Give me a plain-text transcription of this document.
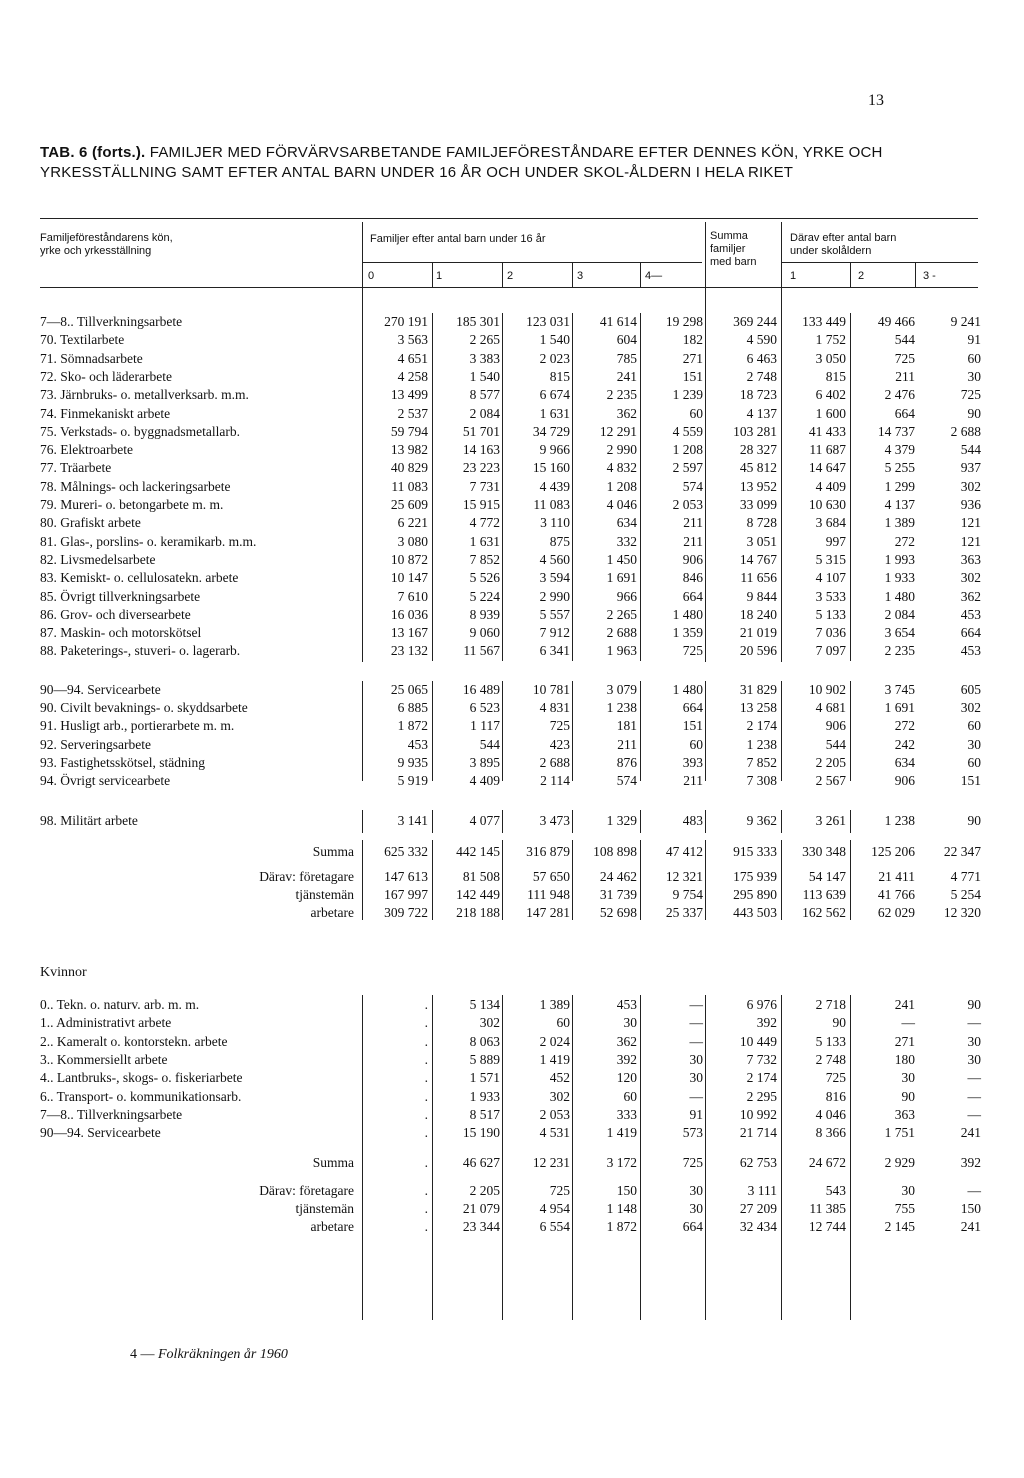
13
TAB. 6 (forts.). FAMILJER MED FÖRVÄRVSARBETANDE FAMILJEFÖRESTÅNDARE EFTER DENNES KÖN, YRKE OCH YRKESSTÄLLNING SAMT EFTER ANTAL BARN UNDER 16 ÅR OCH UNDER SKOL-ÅLDERN I HELA RIKET
Familjeföreståndarens kön,
yrke och yrkesställning
Familjer efter antal barn under 16 år	Summa
familjer
med barn
Därav efter antal barn
under skolåldern
0	1	2	3	4—	1	2	3 -
7—8.. Tillverkningsarbete	270 191	185 301	123 031	41 614	19 298	369 244	133 449	49 466	9 241
70. Textilarbete	3 563	2 265	1 540	604	182	4 590	1 752	544	91
71. Sömnadsarbete	4 651	3 383	2 023	785	271	6 463	3 050	725	60
72. Sko- och läderarbete	4 258	1 540	815	241	151	2 748	815	211	30
73. Järnbruks- o. metallverksarb. m.m.	13 499	8 577	6 674	2 235	1 239	18 723	6 402	2 476	725
74. Finmekaniskt arbete	2 537	2 084	1 631	362	60	4 137	1 600	664	90
75. Verkstads- o. byggnadsmetallarb.	59 794	51 701	34 729	12 291	4 559	103 281	41 433	14 737	2 688
76. Elektroarbete	13 982	14 163	9 966	2 990	1 208	28 327	11 687	4 379	544
77. Träarbete	40 829	23 223	15 160	4 832	2 597	45 812	14 647	5 255	937
78. Målnings- och lackeringsarbete	11 083	7 731	4 439	1 208	574	13 952	4 409	1 299	302
79. Mureri- o. betongarbete m. m.	25 609	15 915	11 083	4 046	2 053	33 099	10 630	4 137	936
80. Grafiskt arbete	6 221	4 772	3 110	634	211	8 728	3 684	1 389	121
81. Glas-, porslins- o. keramikarb. m.m.	3 080	1 631	875	332	211	3 051	997	272	121
82. Livsmedelsarbete	10 872	7 852	4 560	1 450	906	14 767	5 315	1 993	363
83. Kemiskt- o. cellulosatekn. arbete	10 147	5 526	3 594	1 691	846	11 656	4 107	1 933	302
85. Övrigt tillverkningsarbete	7 610	5 224	2 990	966	664	9 844	3 533	1 480	362
86. Grov- och diversearbete	16 036	8 939	5 557	2 265	1 480	18 240	5 133	2 084	453
87. Maskin- och motorskötsel	13 167	9 060	7 912	2 688	1 359	21 019	7 036	3 654	664
88. Paketerings-, stuveri- o. lagerarb.	23 132	11 567	6 341	1 963	725	20 596	7 097	2 235	453
90—94. Servicearbete	25 065	16 489	10 781	3 079	1 480	31 829	10 902	3 745	605
90. Civilt bevaknings- o. skyddsarbete	6 885	6 523	4 831	1 238	664	13 258	4 681	1 691	302
91. Husligt arb., portierarbete m. m.	1 872	1 117	725	181	151	2 174	906	272	60
92. Serveringsarbete	453	544	423	211	60	1 238	544	242	30
93. Fastighetsskötsel, städning	9 935	3 895	2 688	876	393	7 852	2 205	634	60
94. Övrigt servicearbete	5 919	4 409	2 114	574	211	7 308	2 567	906	151
98. Militärt arbete	3 141	4 077	3 473	1 329	483	9 362	3 261	1 238	90
Summa	625 332	442 145	316 879	108 898	47 412	915 333	330 348	125 206	22 347
Därav: företagare	147 613	81 508	57 650	24 462	12 321	175 939	54 147	21 411	4 771
tjänstemän	167 997	142 449	111 948	31 739	9 754	295 890	113 639	41 766	5 254
arbetare	309 722	218 188	147 281	52 698	25 337	443 503	162 562	62 029	12 320
0.. Tekn. o. naturv. arb. m. m.	.	5 134	1 389	453	—	6 976	2 718	241	90
1.. Administrativt arbete	.	302	60	30	—	392	90	—	—
2.. Kameralt o. kontorstekn. arbete	.	8 063	2 024	362	—	10 449	5 133	271	30
3.. Kommersiellt arbete	.	5 889	1 419	392	30	7 732	2 748	180	30
4.. Lantbruks-, skogs- o. fiskeriarbete	.	1 571	452	120	30	2 174	725	30	—
6.. Transport- o. kommunikationsarb.	.	1 933	302	60	—	2 295	816	90	—
7—8.. Tillverkningsarbete	.	8 517	2 053	333	91	10 992	4 046	363	—
90—94. Servicearbete	.	15 190	4 531	1 419	573	21 714	8 366	1 751	241
Summa	.	46 627	12 231	3 172	725	62 753	24 672	2 929	392
Därav: företagare	.	2 205	725	150	30	3 111	543	30	—
tjänstemän	.	21 079	4 954	1 148	30	27 209	11 385	755	150
arbetare	.	23 344	6 554	1 872	664	32 434	12 744	2 145	241
Kvinnor
4 — Folkräkningen år 1960
